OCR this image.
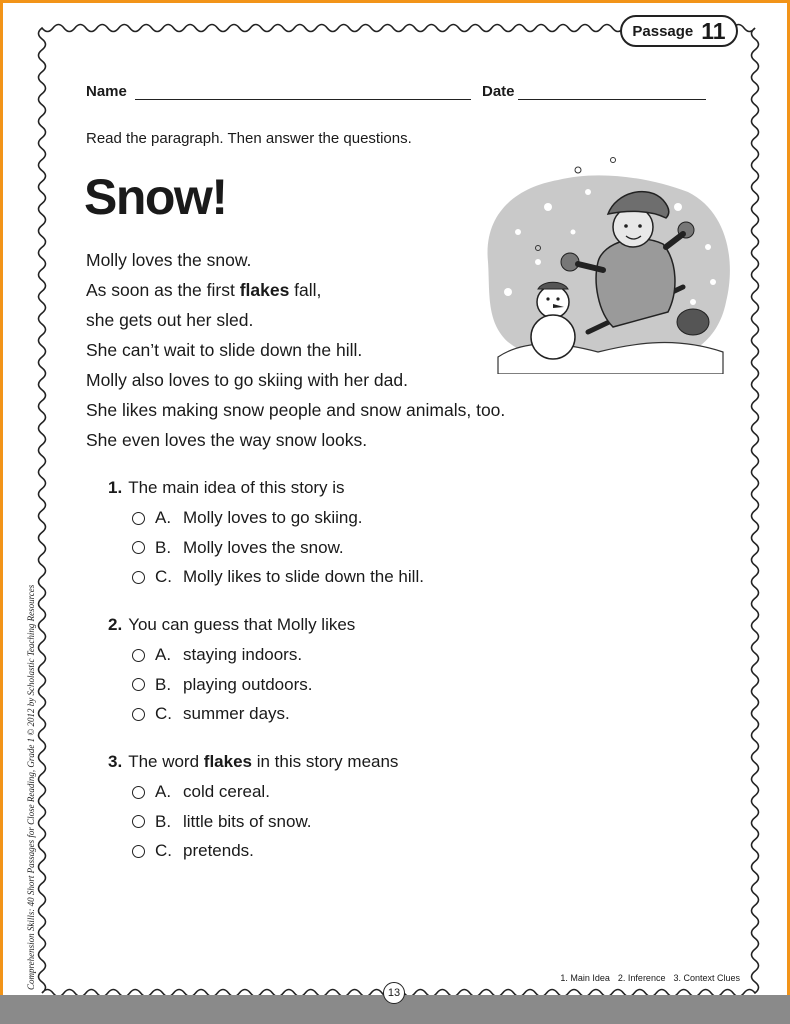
Passage 11
Name	Date
Read the paragraph. Then answer the questions.
Snow!
Molly loves the snow.
As soon as the first flakes fall,
she gets out her sled.
She can’t wait to slide down the hill.
Molly also loves to go skiing with her dad.
She likes making snow people and snow animals, too.
She even loves the way snow looks.
1. The main idea of this story is
A. Molly loves to go skiing.
B. Molly loves the snow.
C. Molly likes to slide down the hill.
2. You can guess that Molly likes
A. staying indoors.
B. playing outdoors.
C. summer days.
3. The word flakes in this story means
A. cold cereal.
B. little bits of snow.
C. pretends.
Comprehension Skills: 40 Short Passages for Close Reading, Grade 1 © 2012 by Scholastic Teaching Resources	1. Main Idea 2. Inference 3. Context Clues
13
